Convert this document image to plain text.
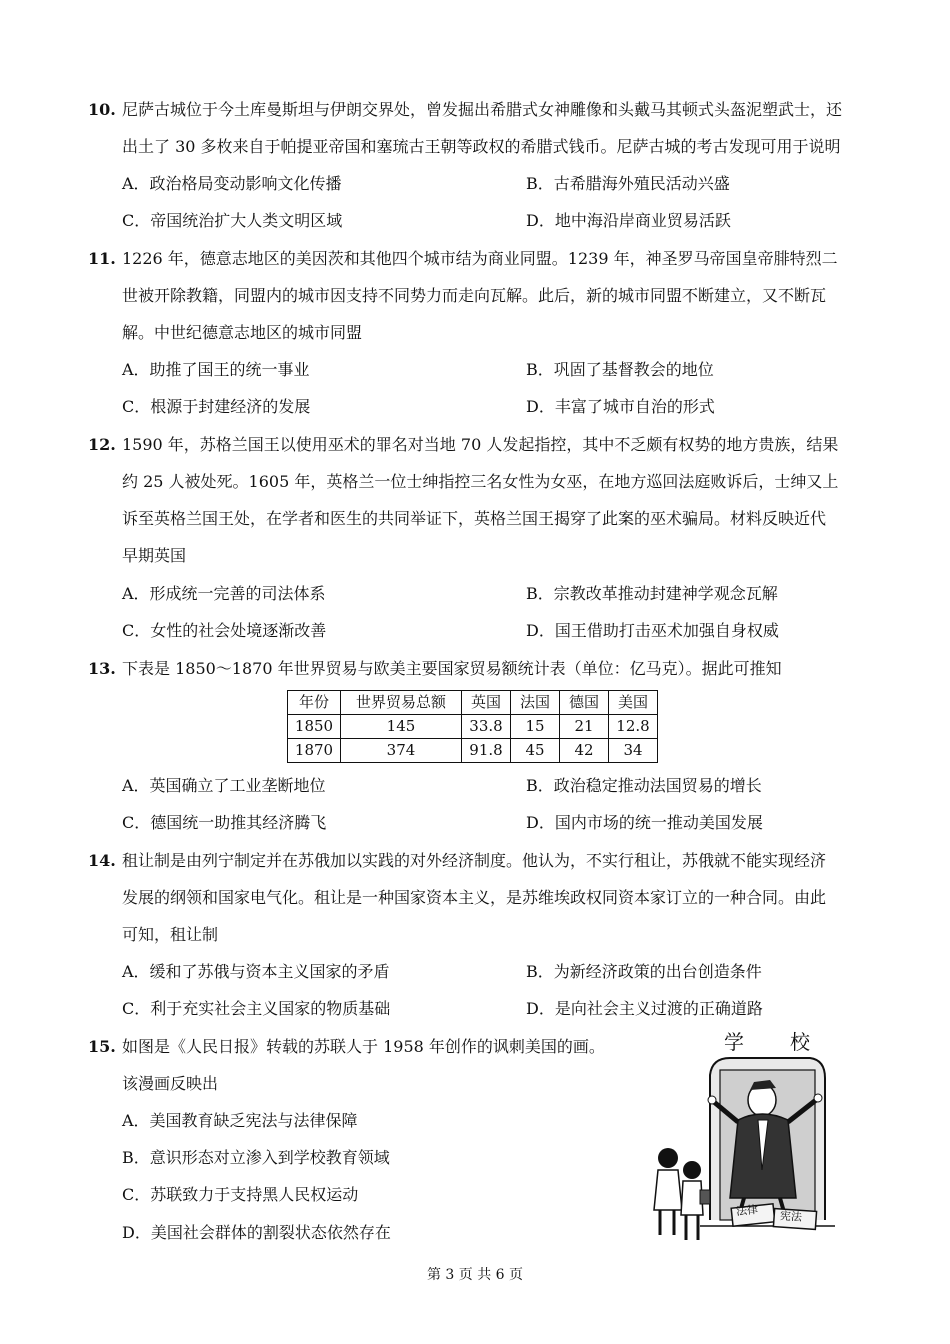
10. 尼萨古城位于今土库曼斯坦与伊朗交界处，曾发掘出希腊式女神雕像和头戴马其顿式头盔泥塑武士，还
出土了 30 多枚来自于帕提亚帝国和塞琉古王朝等政权的希腊式钱币。尼萨古城的考古发现可用于说明
A．政治格局变动影响文化传播	B．古希腊海外殖民活动兴盛
C．帝国统治扩大人类文明区域	D．地中海沿岸商业贸易活跃
11. 1226 年，德意志地区的美因茨和其他四个城市结为商业同盟。1239 年，神圣罗马帝国皇帝腓特烈二
世被开除教籍，同盟内的城市因支持不同势力而走向瓦解。此后，新的城市同盟不断建立，又不断瓦
解。中世纪德意志地区的城市同盟
A．助推了国王的统一事业	B．巩固了基督教会的地位
C．根源于封建经济的发展	D．丰富了城市自治的形式
12. 1590 年，苏格兰国王以使用巫术的罪名对当地 70 人发起指控，其中不乏颇有权势的地方贵族，结果
约 25 人被处死。1605 年，英格兰一位士绅指控三名女性为女巫，在地方巡回法庭败诉后，士绅又上
诉至英格兰国王处，在学者和医生的共同举证下，英格兰国王揭穿了此案的巫术骗局。材料反映近代
早期英国
A．形成统一完善的司法体系	B．宗教改革推动封建神学观念瓦解
C．女性的社会处境逐渐改善	D．国王借助打击巫术加强自身权威
13. 下表是 1850～1870 年世界贸易与欧美主要国家贸易额统计表（单位：亿马克）。据此可推知
年份	世界贸易总额	英国	法国	德国	美国
1850	145	33.8	15	21	12.8
1870	374	91.8	45	42	34
A．英国确立了工业垄断地位	B．政治稳定推动法国贸易的增长
C．德国统一助推其经济腾飞	D．国内市场的统一推动美国发展
14. 租让制是由列宁制定并在苏俄加以实践的对外经济制度。他认为，不实行租让，苏俄就不能实现经济
发展的纲领和国家电气化。租让是一种国家资本主义，是苏维埃政权同资本家订立的一种合同。由此
可知，租让制
A．缓和了苏俄与资本主义国家的矛盾	B．为新经济政策的出台创造条件
C．利于充实社会主义国家的物质基础	D．是向社会主义过渡的正确道路
15. 如图是《人民日报》转载的苏联人于 1958 年创作的讽刺美国的画。
该漫画反映出
A．美国教育缺乏宪法与法律保障
B．意识形态对立渗入到学校教育领域
C．苏联致力于支持黑人民权运动
D．美国社会群体的割裂状态依然存在
学 校
法律 宪法
第 3 页 共 6 页
